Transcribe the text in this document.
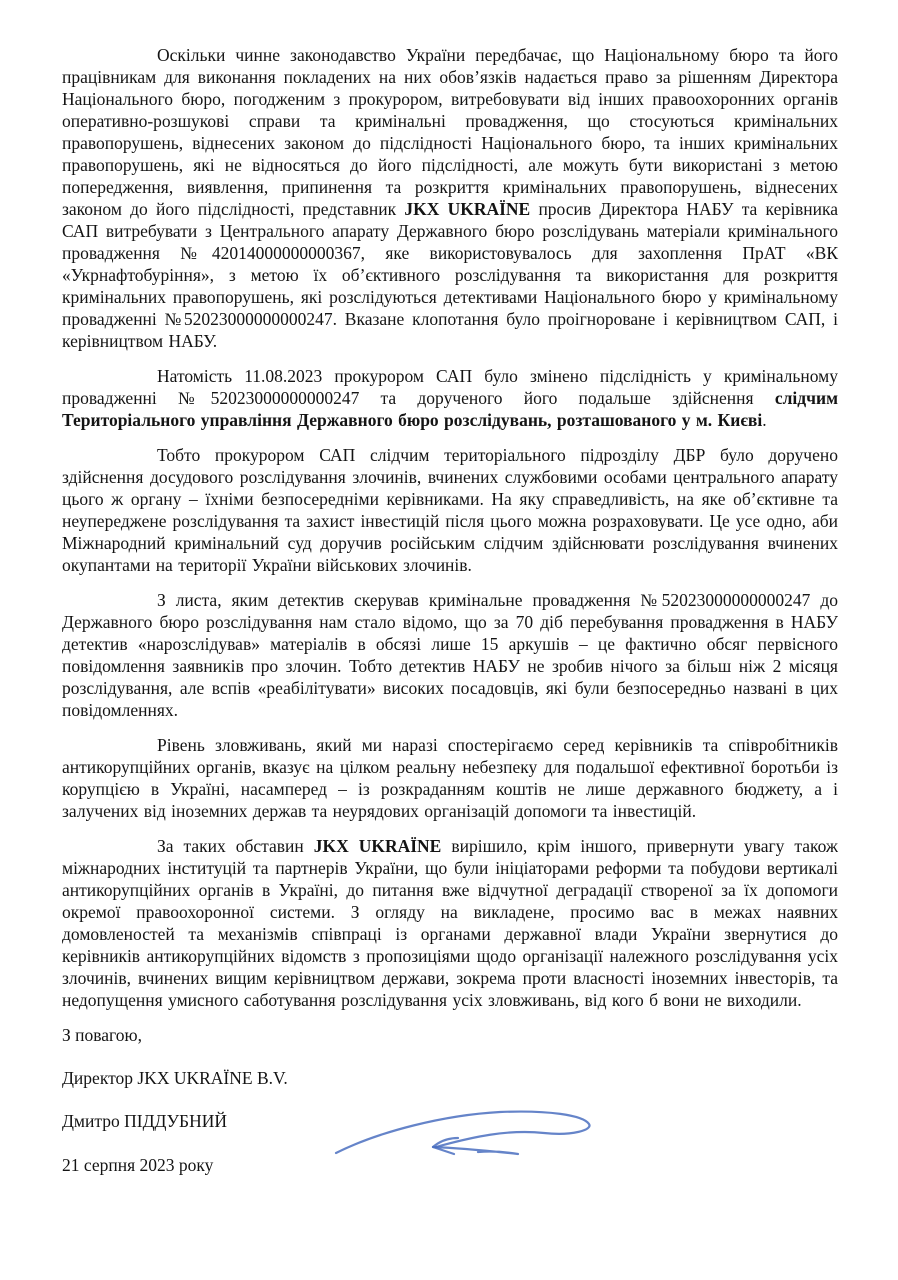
Оскільки чинне законодавство України передбачає, що Національному бюро та його працівникам для виконання покладених на них обов’язків надається право за рішенням Директора Національного бюро, погодженим з прокурором, витребовувати від інших правоохоронних органів оперативно-розшукові справи та кримінальні провадження, що стосуються кримінальних правопорушень, віднесених законом до підслідності Національного бюро, та інших кримінальних правопорушень, які не відносяться до його підслідності, але можуть бути використані з метою попередження, виявлення, припинення та розкриття кримінальних правопорушень, віднесених законом до його підслідності, представник JKX UKRAÏNE просив Директора НАБУ та керівника САП витребувати з Центрального апарату Державного бюро розслідувань матеріали кримінального провадження №42014000000000367, яке використовувалось для захоплення ПрАТ «ВК «Укрнафтобуріння», з метою їх об’єктивного розслідування та використання для розкриття кримінальних правопорушень, які розслідуються детективами Національного бюро у кримінальному провадженні №52023000000000247. Вказане клопотання було проігнороване і керівництвом САП, і керівництвом НАБУ.

Натомість 11.08.2023 прокурором САП було змінено підслідність у кримінальному провадженні №52023000000000247 та дорученого його подальше здійснення слідчим Територіального управління Державного бюро розслідувань, розташованого у м. Києві.

Тобто прокурором САП слідчим територіального підрозділу ДБР було доручено здійснення досудового розслідування злочинів, вчинених службовими особами центрального апарату цього ж органу – їхніми безпосередніми керівниками. На яку справедливість, на яке об’єктивне та неупереджене розслідування та захист інвестицій після цього можна розраховувати. Це усе одно, аби Міжнародний кримінальний суд доручив російським слідчим здійснювати розслідування вчинених окупантами на території України військових злочинів.

З листа, яким детектив скерував кримінальне провадження №52023000000000247 до Державного бюро розслідування нам стало відомо, що за 70 діб перебування провадження в НАБУ детектив «нарозслідував» матеріалів в обсязі лише 15 аркушів – це фактично обсяг первісного повідомлення заявників про злочин. Тобто детектив НАБУ не зробив нічого за більш ніж 2 місяця розслідування, але вспів «реабілітувати» високих посадовців, які були безпосередньо названі в цих повідомленнях.

Рівень зловживань, який ми наразі спостерігаємо серед керівників та співробітників антикорупційних органів, вказує на цілком реальну небезпеку для подальшої ефективної боротьби із корупцією в Україні, насамперед – із розкраданням коштів не лише державного бюджету, а і залучених від іноземних держав та неурядових організацій допомоги та інвестицій.

За таких обставин JKX UKRAÏNE вирішило, крім іншого, привернути увагу також міжнародних інституцій та партнерів України, що були ініціаторами реформи та побудови вертикалі антикорупційних органів в Україні, до питання вже відчутної деградації створеної за їх допомоги окремої правоохоронної системи. З огляду на викладене, просимо вас в межах наявних домовленостей та механізмів співпраці із органами державної влади України звернутися до керівників антикорупційних відомств з пропозиціями щодо організації належного розслідування усіх злочинів, вчинених вищим керівництвом держави, зокрема проти власності іноземних інвесторів, та недопущення умисного саботування розслідування усіх зловживань, від кого б вони не виходили.

З повагою,

Директор JKX UKRAÏNE B.V.

Дмитро ПІДДУБНИЙ

21 серпня 2023 року
